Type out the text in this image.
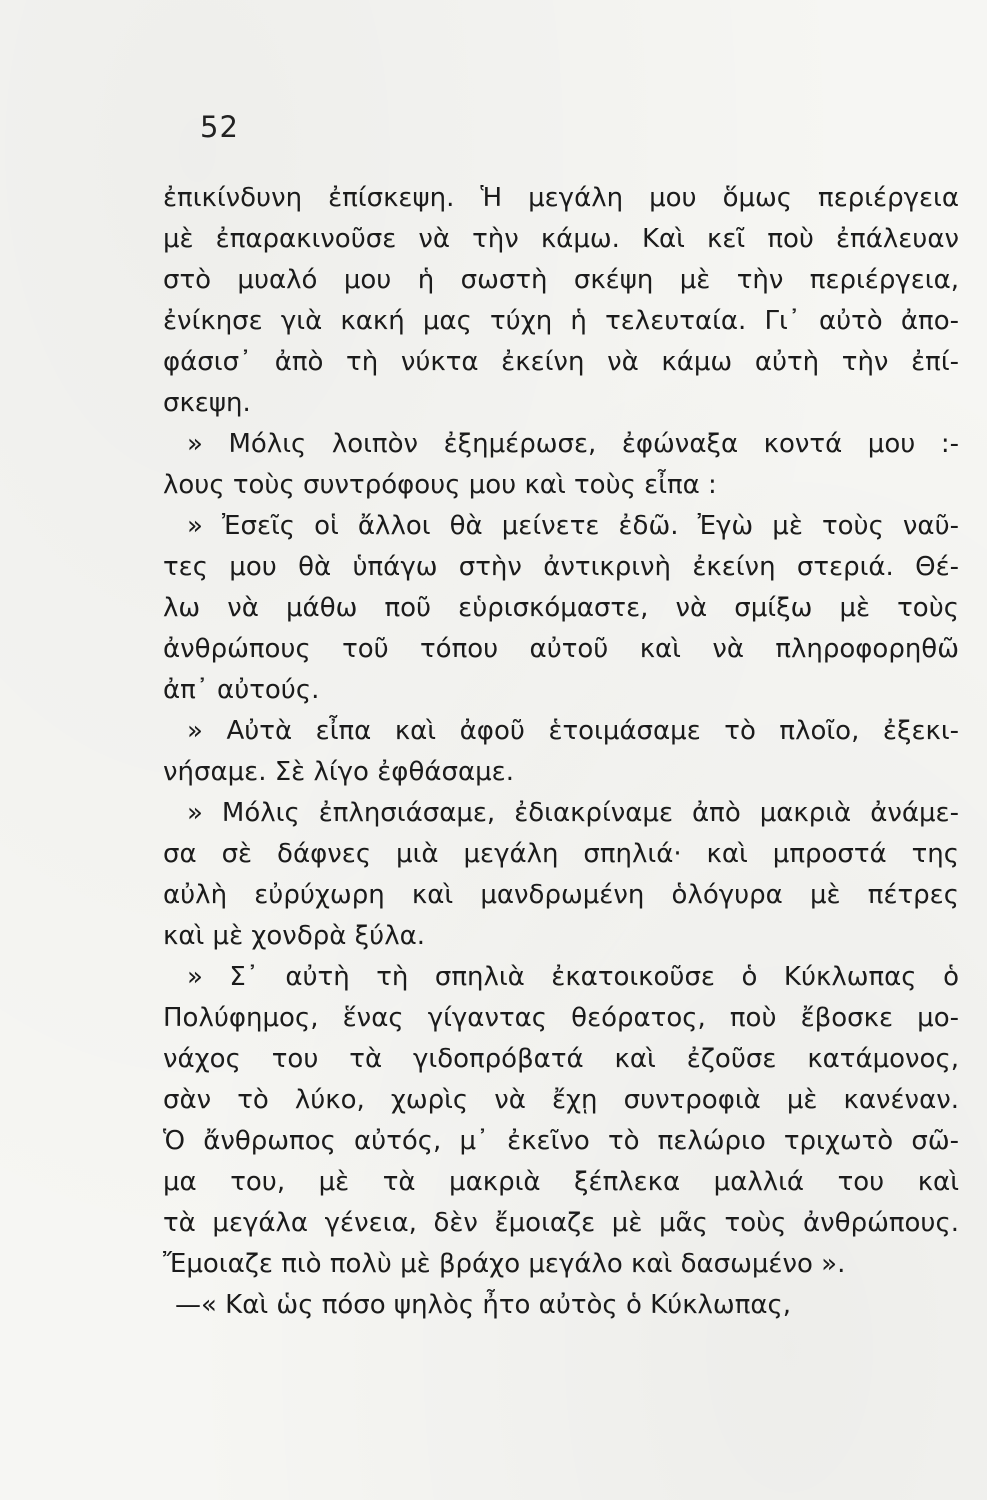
52
ἐπικίνδυνη ἐπίσκεψη. Ἡ μεγάλη μου ὅμως περιέργεια
μὲ ἐπαρακινοῦσε νὰ τὴν κάμω. Καὶ κεῖ ποὺ ἐπάλευαν
στὸ μυαλό μου ἡ σωστὴ σκέψη μὲ τὴν περιέργεια,
ἐνίκησε γιὰ κακή μας τύχη ἡ τελευταία. Γι᾽ αὐτὸ ἀπο-
φάσισ᾽ ἀπὸ τὴ νύκτα ἐκείνη νὰ κάμω αὐτὴ τὴν ἐπί-
σκεψη.
» Μόλις λοιπὸν ἐξημέρωσε, ἐφώναξα κοντά μου :-
λους τοὺς συντρόφους μου καὶ τοὺς εἶπα :
» Ἐσεῖς οἱ ἄλλοι θὰ μείνετε ἐδῶ. Ἐγὼ μὲ τοὺς ναῦ-
τες μου θὰ ὑπάγω στὴν ἀντικρινὴ ἐκείνη στεριά. Θέ-
λω νὰ μάθω ποῦ εὑρισκόμαστε, νὰ σμίξω μὲ τοὺς
ἀνθρώπους τοῦ τόπου αὐτοῦ καὶ νὰ πληροφορηθῶ
ἀπ᾽ αὐτούς.
» Αὐτὰ εἶπα καὶ ἀφοῦ ἑτοιμάσαμε τὸ πλοῖο, ἐξεκι-
νήσαμε. Σὲ λίγο ἐφθάσαμε.
» Μόλις ἐπλησιάσαμε, ἐδιακρίναμε ἀπὸ μακριὰ ἀνάμε-
σα σὲ δάφνες μιὰ μεγάλη σπηλιά· καὶ μπροστά της
αὐλὴ εὐρύχωρη καὶ μανδρωμένη ὁλόγυρα μὲ πέτρες
καὶ μὲ χονδρὰ ξύλα.
» Σ᾽ αὐτὴ τὴ σπηλιὰ ἐκατοικοῦσε ὁ Κύκλωπας ὁ
Πολύφημος, ἕνας γίγαντας θεόρατος, ποὺ ἔβοσκε μο-
νάχος του τὰ γιδοπρόβατά καὶ ἐζοῦσε κατάμονος,
σὰν τὸ λύκο, χωρὶς νὰ ἔχῃ συντροφιὰ μὲ κανέναν.
Ὁ ἄνθρωπος αὐτός, μ᾽ ἐκεῖνο τὸ πελώριο τριχωτὸ σῶ-
μα του, μὲ τὰ μακριὰ ξέπλεκα μαλλιά του καὶ
τὰ μεγάλα γένεια, δὲν ἔμοιαζε μὲ μᾶς τοὺς ἀνθρώπους.
Ἔμοιαζε πιὸ πολὺ μὲ βράχο μεγάλο καὶ δασωμένο ».
—« Καὶ ὡς πόσο ψηλὸς ἦτο αὐτὸς ὁ Κύκλωπας,
